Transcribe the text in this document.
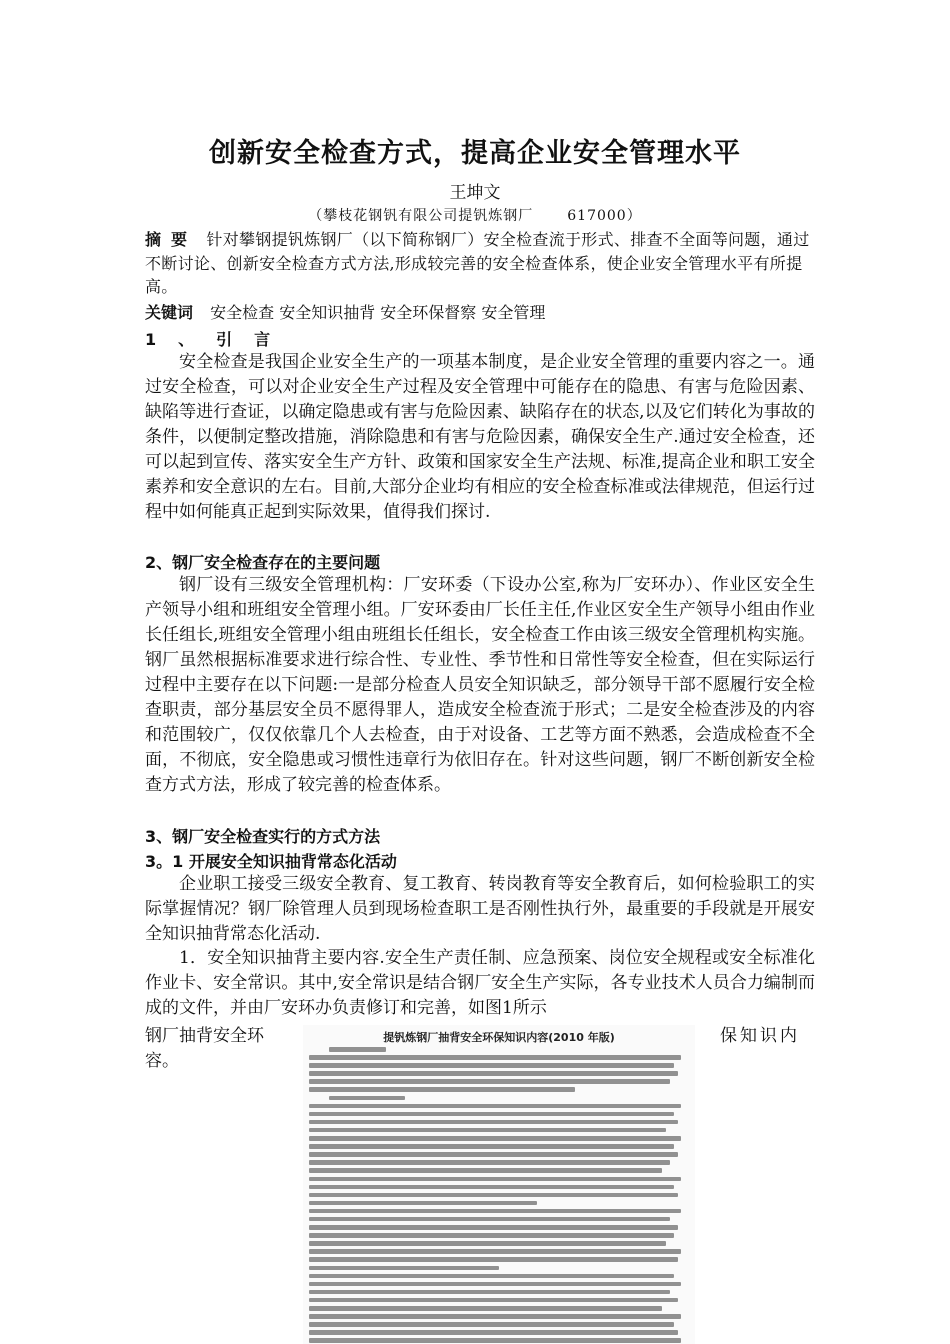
创新安全检查方式，提高企业安全管理水平
王坤文
（攀枝花钢钒有限公司提钒炼钢厂 617000）
摘要 针对攀钢提钒炼钢厂（以下简称钢厂）安全检查流于形式、排查不全面等问题，通过不断讨论、创新安全检查方式方法,形成较完善的安全检查体系，使企业安全管理水平有所提高。
关键词 安全检查 安全知识抽背 安全环保督察 安全管理
1、引言
安全检查是我国企业安全生产的一项基本制度，是企业安全管理的重要内容之一。通过安全检查，可以对企业安全生产过程及安全管理中可能存在的隐患、有害与危险因素、缺陷等进行查证，以确定隐患或有害与危险因素、缺陷存在的状态,以及它们转化为事故的条件，以便制定整改措施，消除隐患和有害与危险因素，确保安全生产.通过安全检查，还可以起到宣传、落实安全生产方针、政策和国家安全生产法规、标准,提高企业和职工安全素养和安全意识的左右。目前,大部分企业均有相应的安全检查标准或法律规范，但运行过程中如何能真正起到实际效果，值得我们探讨.
2、钢厂安全检查存在的主要问题
钢厂设有三级安全管理机构：厂安环委（下设办公室,称为厂安环办）、作业区安全生产领导小组和班组安全管理小组。厂安环委由厂长任主任,作业区安全生产领导小组由作业长任组长,班组安全管理小组由班组长任组长，安全检查工作由该三级安全管理机构实施。钢厂虽然根据标准要求进行综合性、专业性、季节性和日常性等安全检查，但在实际运行过程中主要存在以下问题:一是部分检查人员安全知识缺乏，部分领导干部不愿履行安全检查职责，部分基层安全员不愿得罪人，造成安全检查流于形式；二是安全检查涉及的内容和范围较广，仅仅依靠几个人去检查，由于对设备、工艺等方面不熟悉，会造成检查不全面，不彻底，安全隐患或习惯性违章行为依旧存在。针对这些问题，钢厂不断创新安全检查方式方法，形成了较完善的检查体系。
3、钢厂安全检查实行的方式方法
3。1 开展安全知识抽背常态化活动
企业职工接受三级安全教育、复工教育、转岗教育等安全教育后，如何检验职工的实际掌握情况？钢厂除管理人员到现场检查职工是否刚性执行外，最重要的手段就是开展安全知识抽背常态化活动.
1．安全知识抽背主要内容.安全生产责任制、应急预案、岗位安全规程或安全标准化作业卡、安全常识。其中,安全常识是结合钢厂安全生产实际，各专业技术人员合力编制而成的文件，并由厂安环办负责修订和完善，如图1所示
钢厂抽背安全环	保知识内
容。
提钒炼钢厂抽背安全环保知识内容(2010 年版)
